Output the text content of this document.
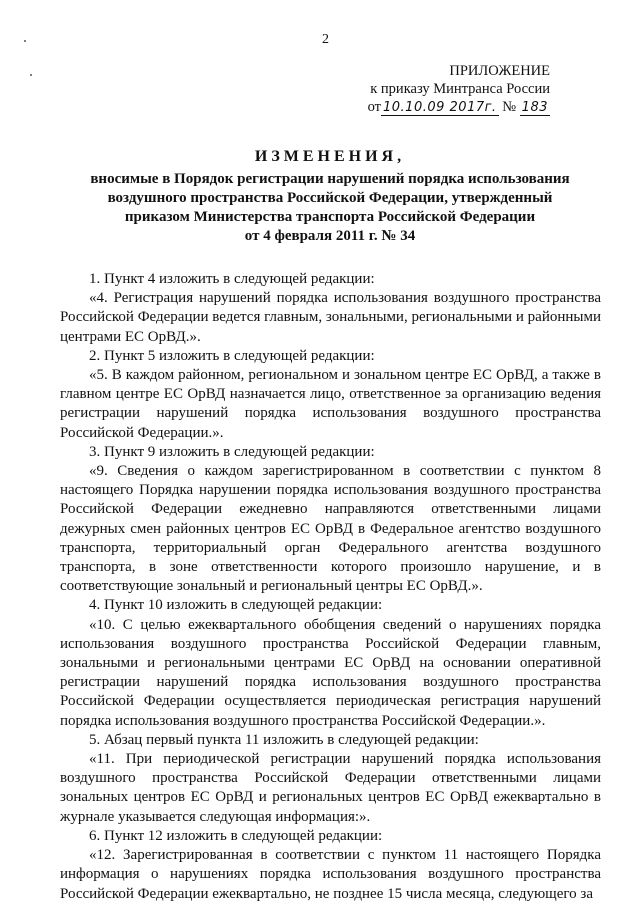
2
ПРИЛОЖЕНИЕ
к приказу Минтранса России
от 10.10.09 2017г. № 183
ИЗМЕНЕНИЯ,
вносимые в Порядок регистрации нарушений порядка использования
воздушного пространства Российской Федерации, утвержденный
приказом Министерства транспорта Российской Федерации
от 4 февраля 2011 г. № 34

1. Пункт 4 изложить в следующей редакции:

«4. Регистрация нарушений порядка использования воздушного пространства Российской Федерации ведется главным, зональными, региональными и районными центрами ЕС ОрВД.».

2. Пункт 5 изложить в следующей редакции:

«5. В каждом районном, региональном и зональном центре ЕС ОрВД, а также в главном центре ЕС ОрВД назначается лицо, ответственное за организацию ведения регистрации нарушений порядка использования воздушного пространства Российской Федерации.».

3. Пункт 9 изложить в следующей редакции:

«9. Сведения о каждом зарегистрированном в соответствии с пунктом 8 настоящего Порядка нарушении порядка использования воздушного пространства Российской Федерации ежедневно направляются ответственными лицами дежурных смен районных центров ЕС ОрВД в Федеральное агентство воздушного транспорта, территориальный орган Федерального агентства воздушного транспорта, в зоне ответственности которого произошло нарушение, и в соответствующие зональный и региональный центры ЕС ОрВД.».

4. Пункт 10 изложить в следующей редакции:

«10. С целью ежеквартального обобщения сведений о нарушениях порядка использования воздушного пространства Российской Федерации главным, зональными и региональными центрами ЕС ОрВД на основании оперативной регистрации нарушений порядка использования воздушного пространства Российской Федерации осуществляется периодическая регистрация нарушений порядка использования воздушного пространства Российской Федерации.».

5. Абзац первый пункта 11 изложить в следующей редакции:

«11. При периодической регистрации нарушений порядка использования воздушного пространства Российской Федерации ответственными лицами зональных центров ЕС ОрВД и региональных центров ЕС ОрВД ежеквартально в журнале указывается следующая информация:».

6. Пункт 12 изложить в следующей редакции:

«12. Зарегистрированная в соответствии с пунктом 11 настоящего Порядка информация о нарушениях порядка использования воздушного пространства Российской Федерации ежеквартально, не позднее 15 числа месяца, следующего за
